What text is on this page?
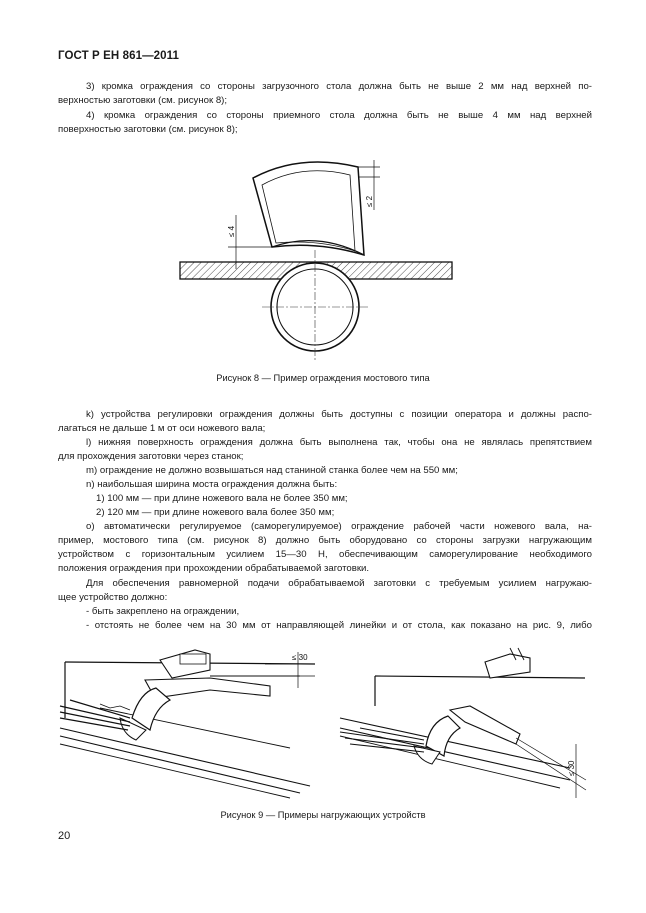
ГОСТ Р ЕН 861—2011

3) кромка ограждения со стороны загрузочного стола должна быть не выше 2 мм над верхней по-

верхностью заготовки (см. рисунок 8);

4) кромка ограждения со стороны приемного стола должна быть не выше 4 мм над верхней

поверхностью заготовки (см. рисунок 8);

≤ 2
≤ 4
Рисунок 8 — Пример ограждения мостового типа

k) устройства регулировки ограждения должны быть доступны с позиции оператора и должны распо-

лагаться не дальше 1 м от оси ножевого вала;

l) нижняя поверхность ограждения должна быть выполнена так, чтобы она не являлась препятствием

для прохождения заготовки через станок;

m) ограждение не должно возвышаться над станиной станка более чем на 550 мм;

n) наибольшая ширина моста ограждения должна быть:

1) 100 мм — при длине ножевого вала не более 350 мм;

2) 120 мм — при длине ножевого вала более 350 мм;

o) автоматически регулируемое (саморегулируемое) ограждение рабочей части ножевого вала, на-

пример, мостового типа (см. рисунок 8) должно быть оборудовано со стороны загрузки нагружающим

устройством с горизонтальным усилием 15—30 Н, обеспечивающим саморегулирование необходимого

положения ограждения при прохождении обрабатываемой заготовки.

Для обеспечения равномерной подачи обрабатываемой заготовки с требуемым усилием нагружаю-

щее устройство должно:

- быть закреплено на ограждении,

- отстоять не более чем на 30 мм от направляющей линейки и от стола, как показано на рис. 9, либо

≤ 30
≤ 30
Рисунок 9 — Примеры нагружающих устройств
20
